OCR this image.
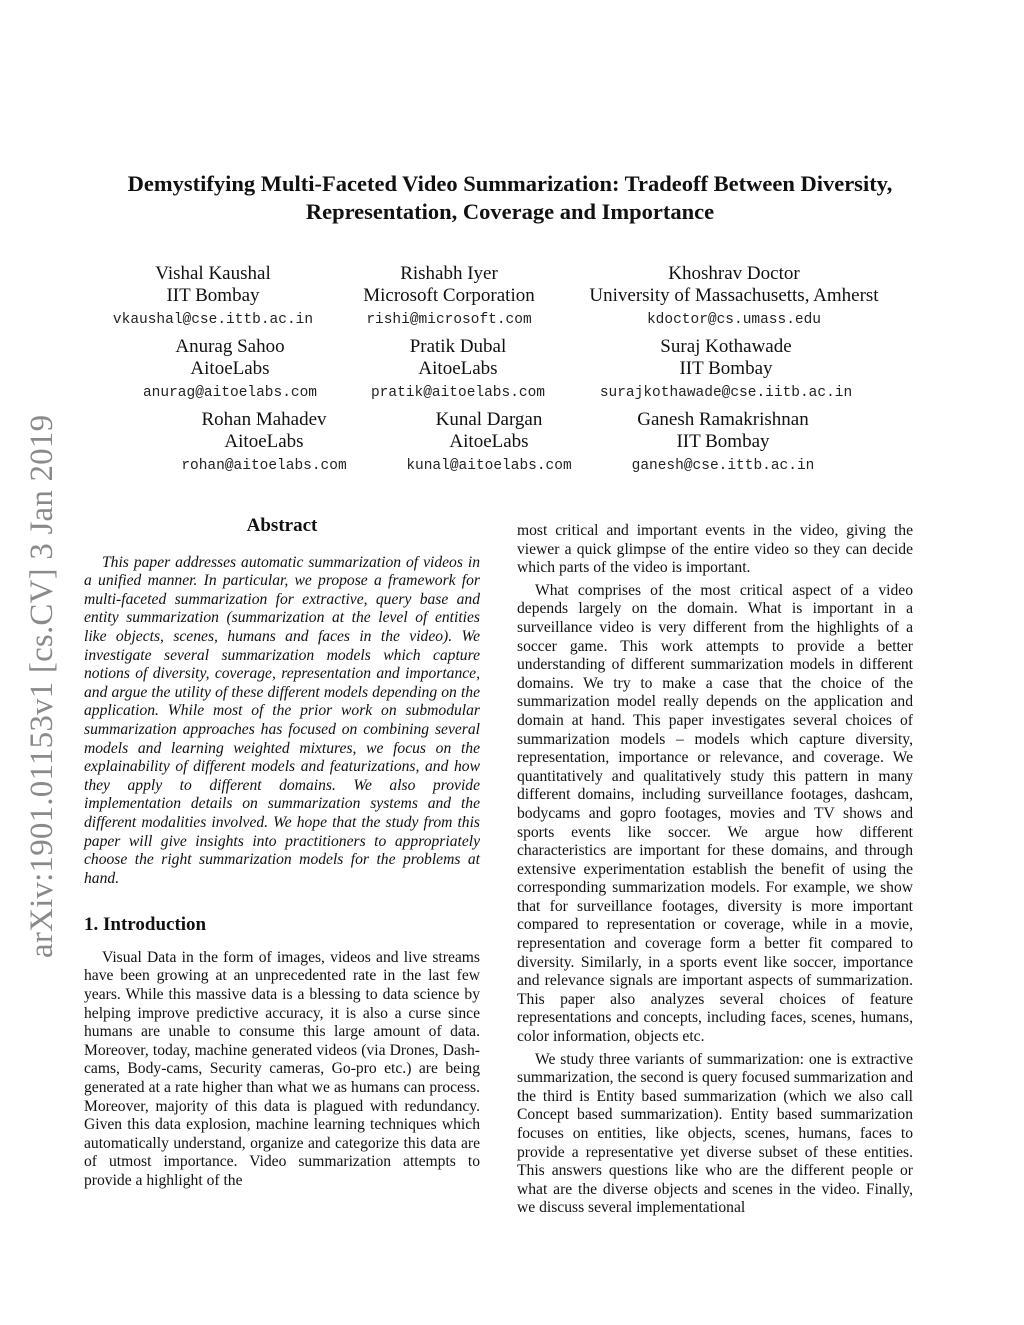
arXiv:1901.01153v1 [cs.CV] 3 Jan 2019
Demystifying Multi-Faceted Video Summarization: Tradeoff Between Diversity, Representation, Coverage and Importance
Vishal Kaushal
IIT Bombay
vkaushal@cse.ittb.ac.in
Rishabh Iyer
Microsoft Corporation
rishi@microsoft.com
Khoshrav Doctor
University of Massachusetts, Amherst
kdoctor@cs.umass.edu
Anurag Sahoo
AitoeLabs
anurag@aitoelabs.com
Pratik Dubal
AitoeLabs
pratik@aitoelabs.com
Suraj Kothawade
IIT Bombay
surajkothawade@cse.iitb.ac.in
Rohan Mahadev
AitoeLabs
rohan@aitoelabs.com
Kunal Dargan
AitoeLabs
kunal@aitoelabs.com
Ganesh Ramakrishnan
IIT Bombay
ganesh@cse.ittb.ac.in
Abstract

This paper addresses automatic summarization of videos in a unified manner. In particular, we propose a framework for multi-faceted summarization for extractive, query base and entity summarization (summarization at the level of entities like objects, scenes, humans and faces in the video). We investigate several summarization models which capture notions of diversity, coverage, representation and importance, and argue the utility of these different models depending on the application. While most of the prior work on submodular summarization approaches has focused on combining several models and learning weighted mixtures, we focus on the explainability of different models and featurizations, and how they apply to different domains. We also provide implementation details on summarization systems and the different modalities involved. We hope that the study from this paper will give insights into practitioners to appropriately choose the right summarization models for the problems at hand.

1. Introduction

Visual Data in the form of images, videos and live streams have been growing at an unprecedented rate in the last few years. While this massive data is a blessing to data science by helping improve predictive accuracy, it is also a curse since humans are unable to consume this large amount of data. Moreover, today, machine generated videos (via Drones, Dash-cams, Body-cams, Security cameras, Go-pro etc.) are being generated at a rate higher than what we as humans can process. Moreover, majority of this data is plagued with redundancy. Given this data explosion, machine learning techniques which automatically understand, organize and categorize this data are of utmost importance. Video summarization attempts to provide a highlight of the

most critical and important events in the video, giving the viewer a quick glimpse of the entire video so they can decide which parts of the video is important.

What comprises of the most critical aspect of a video depends largely on the domain. What is important in a surveillance video is very different from the highlights of a soccer game. This work attempts to provide a better understanding of different summarization models in different domains. We try to make a case that the choice of the summarization model really depends on the application and domain at hand. This paper investigates several choices of summarization models – models which capture diversity, representation, importance or relevance, and coverage. We quantitatively and qualitatively study this pattern in many different domains, including surveillance footages, dashcam, bodycams and gopro footages, movies and TV shows and sports events like soccer. We argue how different characteristics are important for these domains, and through extensive experimentation establish the benefit of using the corresponding summarization models. For example, we show that for surveillance footages, diversity is more important compared to representation or coverage, while in a movie, representation and coverage form a better fit compared to diversity. Similarly, in a sports event like soccer, importance and relevance signals are important aspects of summarization. This paper also analyzes several choices of feature representations and concepts, including faces, scenes, humans, color information, objects etc.

We study three variants of summarization: one is extractive summarization, the second is query focused summarization and the third is Entity based summarization (which we also call Concept based summarization). Entity based summarization focuses on entities, like objects, scenes, humans, faces to provide a representative yet diverse subset of these entities. This answers questions like who are the different people or what are the diverse objects and scenes in the video. Finally, we discuss several implementational
